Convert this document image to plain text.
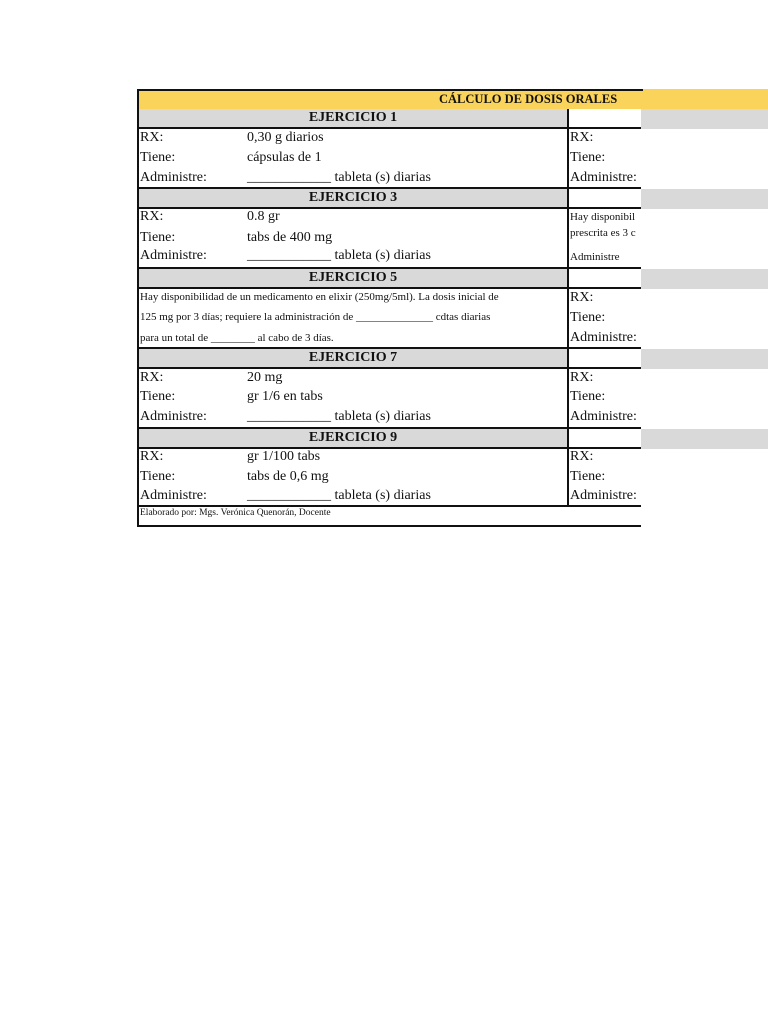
CÁLCULO DE DOSIS ORALES
EJERCICIO 1
RX:	0,30 g diarios
Tiene:	cápsulas de 1
Administre:	____________ tableta (s) diarias
RX:
Tiene:
Administre:
EJERCICIO 3
RX:	0.8 gr
Tiene:	tabs de 400 mg
Administre:	____________ tableta (s) diarias
Hay disponibil
prescrita es 3 c
Administre
EJERCICIO 5
Hay disponibilidad de un medicamento en elixir (250mg/5ml). La dosis inicial de
125 mg por 3 días; requiere la administración de ______________ cdtas diarias
para un total de ________ al cabo de 3 días.
RX:
Tiene:
Administre:
EJERCICIO 7
RX:	20 mg
Tiene:	gr 1/6 en tabs
Administre:	____________ tableta (s) diarias
RX:
Tiene:
Administre:
EJERCICIO 9
RX:	gr 1/100 tabs
Tiene:	tabs de 0,6 mg
Administre:	____________ tableta (s) diarias
RX:
Tiene:
Administre:
Elaborado por: Mgs. Verónica Quenorán, Docente
